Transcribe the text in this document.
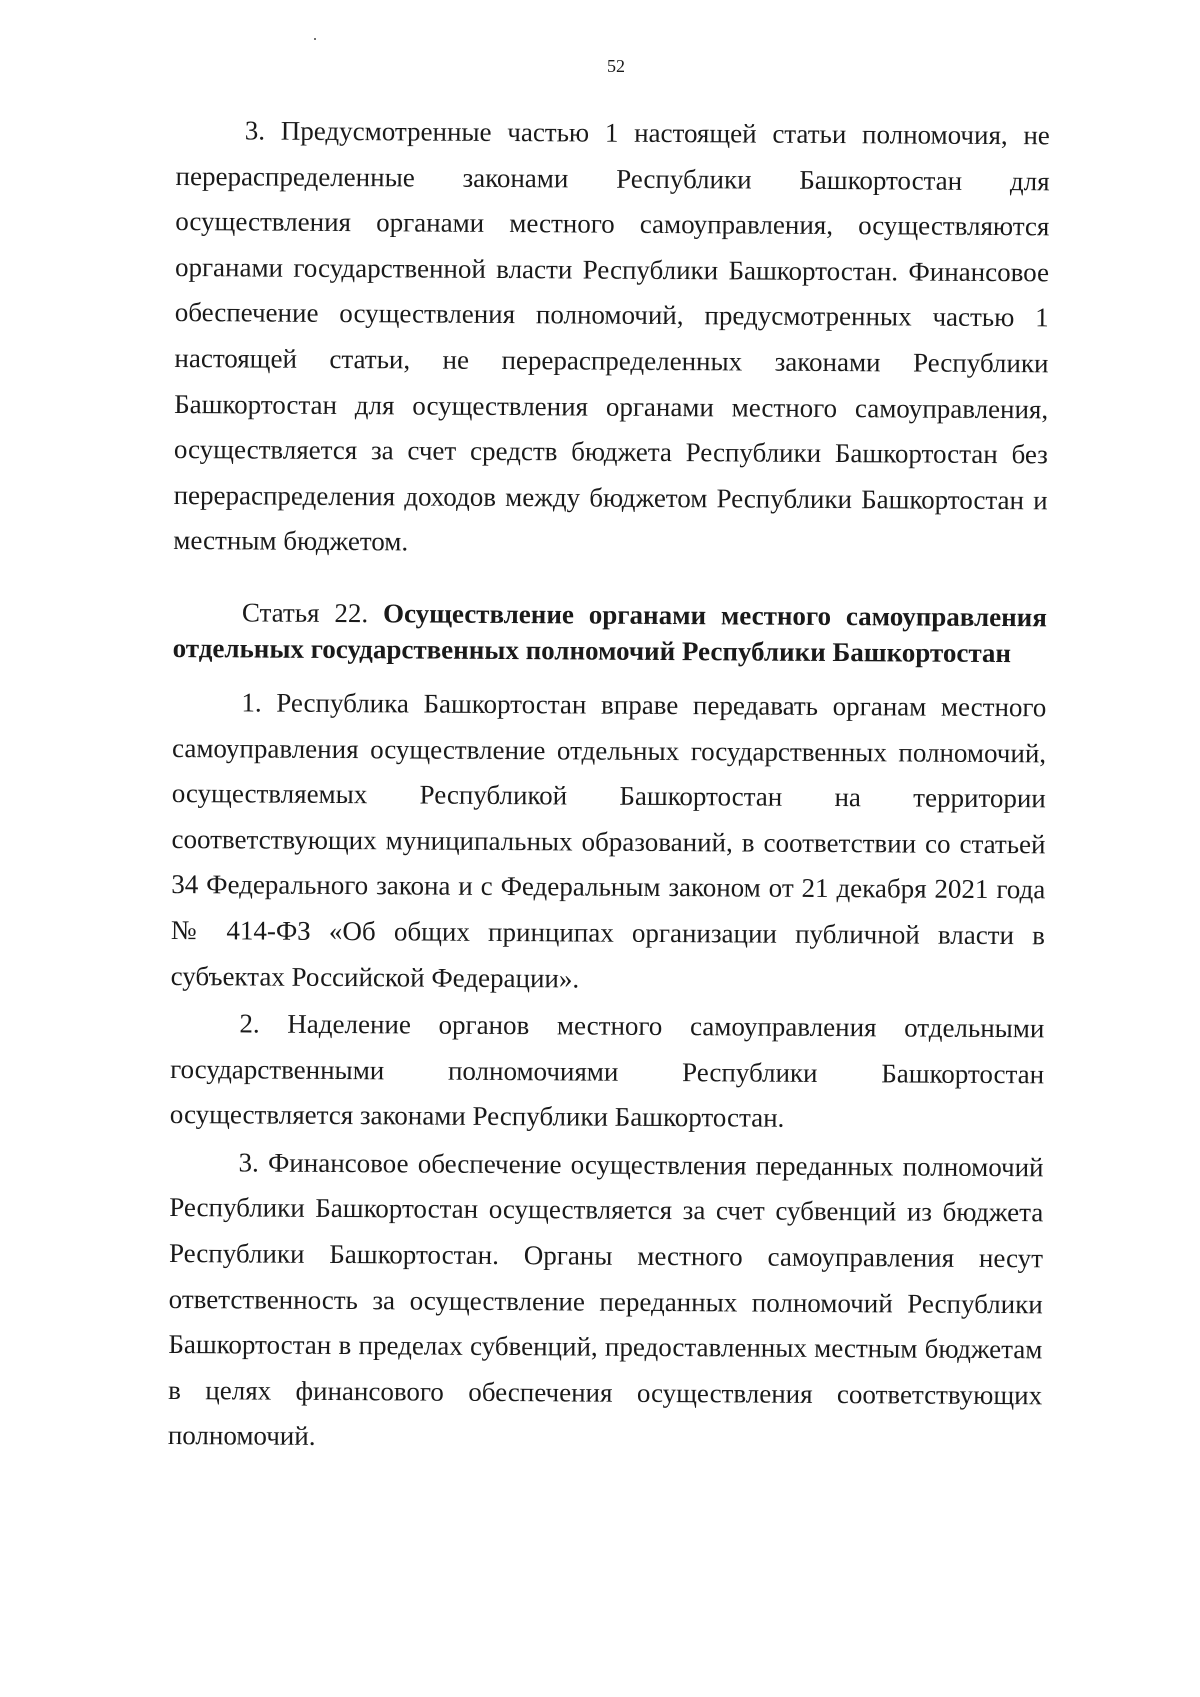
52

3. Предусмотренные частью 1 настоящей статьи полномочия, не перераспределенные законами Республики Башкортостан для осуществления органами местного самоуправления, осуществляются органами государственной власти Республики Башкортостан. Финансовое обеспечение осуществления полномочий, предусмотренных частью 1 настоящей статьи, не перераспределенных законами Республики Башкортостан для осуществления органами местного самоуправления, осуществляется за счет средств бюджета Республики Башкортостан без перераспределения доходов между бюджетом Республики Башкортостан и местным бюджетом.

Статья 22. Осуществление органами местного самоуправления отдельных государственных полномочий Республики Башкортостан

1. Республика Башкортостан вправе передавать органам местного самоуправления осуществление отдельных государственных полномочий, осуществляемых Республикой Башкортостан на территории соответствующих муниципальных образований, в соответствии со статьей 34 Федерального закона и с Федеральным законом от 21 декабря 2021 года № 414-ФЗ «Об общих принципах организации публичной власти в субъектах Российской Федерации».

2. Наделение органов местного самоуправления отдельными государственными полномочиями Республики Башкортостан осуществляется законами Республики Башкортостан.

3. Финансовое обеспечение осуществления переданных полномочий Республики Башкортостан осуществляется за счет субвенций из бюджета Республики Башкортостан. Органы местного самоуправления несут ответственность за осуществление переданных полномочий Республики Башкортостан в пределах субвенций, предоставленных местным бюджетам в целях финансового обеспечения осуществления соответствующих полномочий.
